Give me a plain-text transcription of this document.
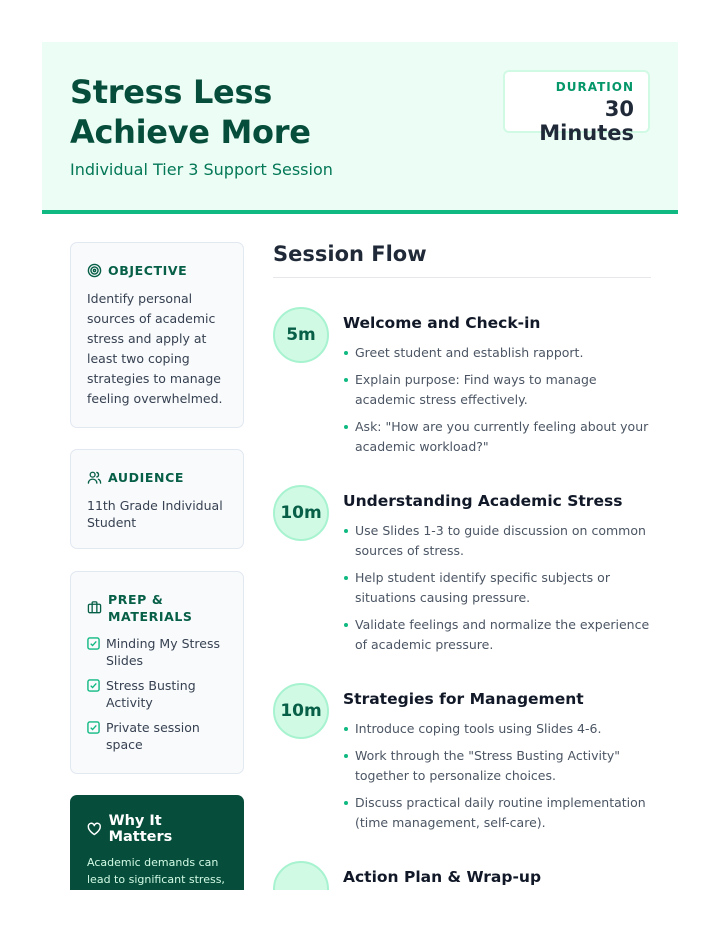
Stress Less
Achieve More
Individual Tier 3 Support Session
DURATION
30 Minutes
OBJECTIVE
Identify personal sources of academic stress and apply at least two coping strategies to manage feeling overwhelmed.
AUDIENCE
11th Grade Individual Student
PREP & MATERIALS
Minding My Stress Slides
Stress Busting Activity
Private session space
Why It Matters
Academic demands can lead to significant stress,
Session Flow
5m
Welcome and Check-in
Greet student and establish rapport.
Explain purpose: Find ways to manage academic stress effectively.
Ask: "How are you currently feeling about your academic workload?"
10m
Understanding Academic Stress
Use Slides 1-3 to guide discussion on common sources of stress.
Help student identify specific subjects or situations causing pressure.
Validate feelings and normalize the experience of academic pressure.
10m
Strategies for Management
Introduce coping tools using Slides 4-6.
Work through the "Stress Busting Activity" together to personalize choices.
Discuss practical daily routine implementation (time management, self-care).
Action Plan & Wrap-up
